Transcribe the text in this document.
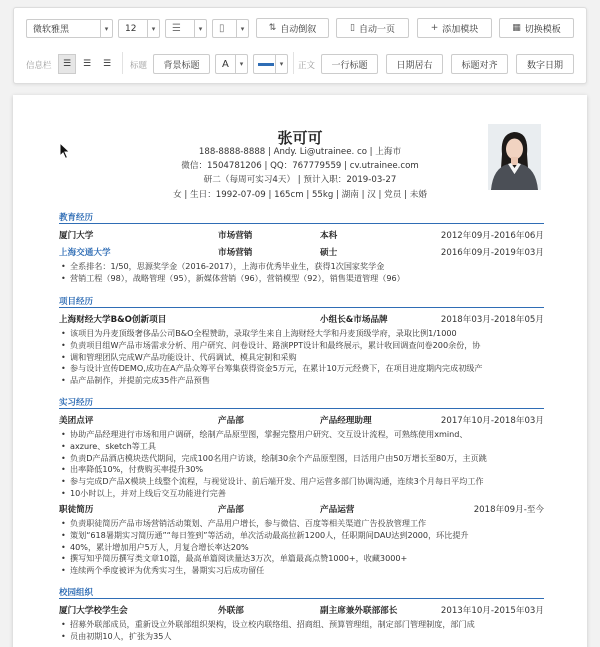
微软雅黑	▾	12	▾	☰	▾	▯	▾	⇅ 自动倒叙	▯ 自动一页	+ 添加模块	▦ 切换模板
信息栏 ☰ ☰ ☰ 标题 背景标题	A	▾	▾	正文 一行标题	日期居右	标题对齐	数字日期
张可可
188-8888-8888 | Andy. Li@utrainee. co | 上海市
微信：1504781206 | QQ：767779559 | cv.utrainee.com
研二（每周可实习4天） | 预计入职：2019-03-27
女 | 生日：1992-07-09 | 165cm | 55kg | 湖南 | 汉 | 党员 | 未婚
教育经历
厦门大学	市场营销	本科	2012年09月-2016年06月
上海交通大学	市场营销	硕士	2016年09月-2019年03月
• 全系排名：1/50，思源奖学金（2016-2017），上海市优秀毕业生，获得1次国家奖学金
• 营销工程（98），战略管理（95），新媒体营销（96），营销模型（92），销售渠道管理（96）
项目经历
上海财经大学B&O创新项目	小组长&市场品牌	2018年03月-2018年05月
• 该项目为丹麦顶级奢侈品公司B&O全程赞助，录取学生来自上海财经大学和丹麦顶级学府，录取比例1/1000
• 负责项目组W产品市场需求分析、用户研究、问卷设计、路演PPT设计和最终展示，累计收回调查问卷200余份，协
• 调和管理团队完成W产品功能设计、代码调试、模具定制和采购
• 参与设计宣传DEMO,成功在A产品众筹平台筹集获得资金5万元，在累计10万元经费下，在项目进度期内完成初级产
• 品产品制作，并提前完成35件产品预售
实习经历
美团点评	产品部	产品经理助理	2017年10月-2018年03月
• 协助产品经理进行市场和用户调研，绘制产品原型图，掌握完整用户研究、交互设计流程，可熟练使用xmind、
• axzure、sketch等工具
• 负责D产品酒店模块迭代期间，完成100名用户访谈，绘制30余个产品原型图，日活用户由50万增长至80万，主页跳
• 出率降低10%，付费购买率提升30%
• 参与完成D产品X模块上线整个流程，与视觉设计、前后端开发、用户运营多部门协调沟通，连续3个月每日平均工作
• 10小时以上，并对上线后交互功能进行完善
职徒简历	产品部	产品运营	2018年09月-至今
• 负责职徒简历产品市场营销活动策划、产品用户增长，参与微信、百度等相关渠道广告投放管理工作
• 策划“618暑期实习简历通”“每日签到”等活动，单次活动最高拉新1200人，任职期间DAU达到2000，环比提升
• 40%，累计增加用户5万人，月复合增长率达20%
• 撰写知乎简历撰写类文章10篇，最高单篇阅读量达3万次，单篇最高点赞1000+，收藏3000+
• 连续两个季度被评为优秀实习生，暑期实习后成功留任
校园组织
厦门大学校学生会	外联部	副主席兼外联部部长	2013年10月-2015年03月
• 招募外联部成员，重新设立外联部组织架构，设立校内联络组、招商组、预算管理组，制定部门管理制度，部门成
• 员由初期10人，扩张为35人
